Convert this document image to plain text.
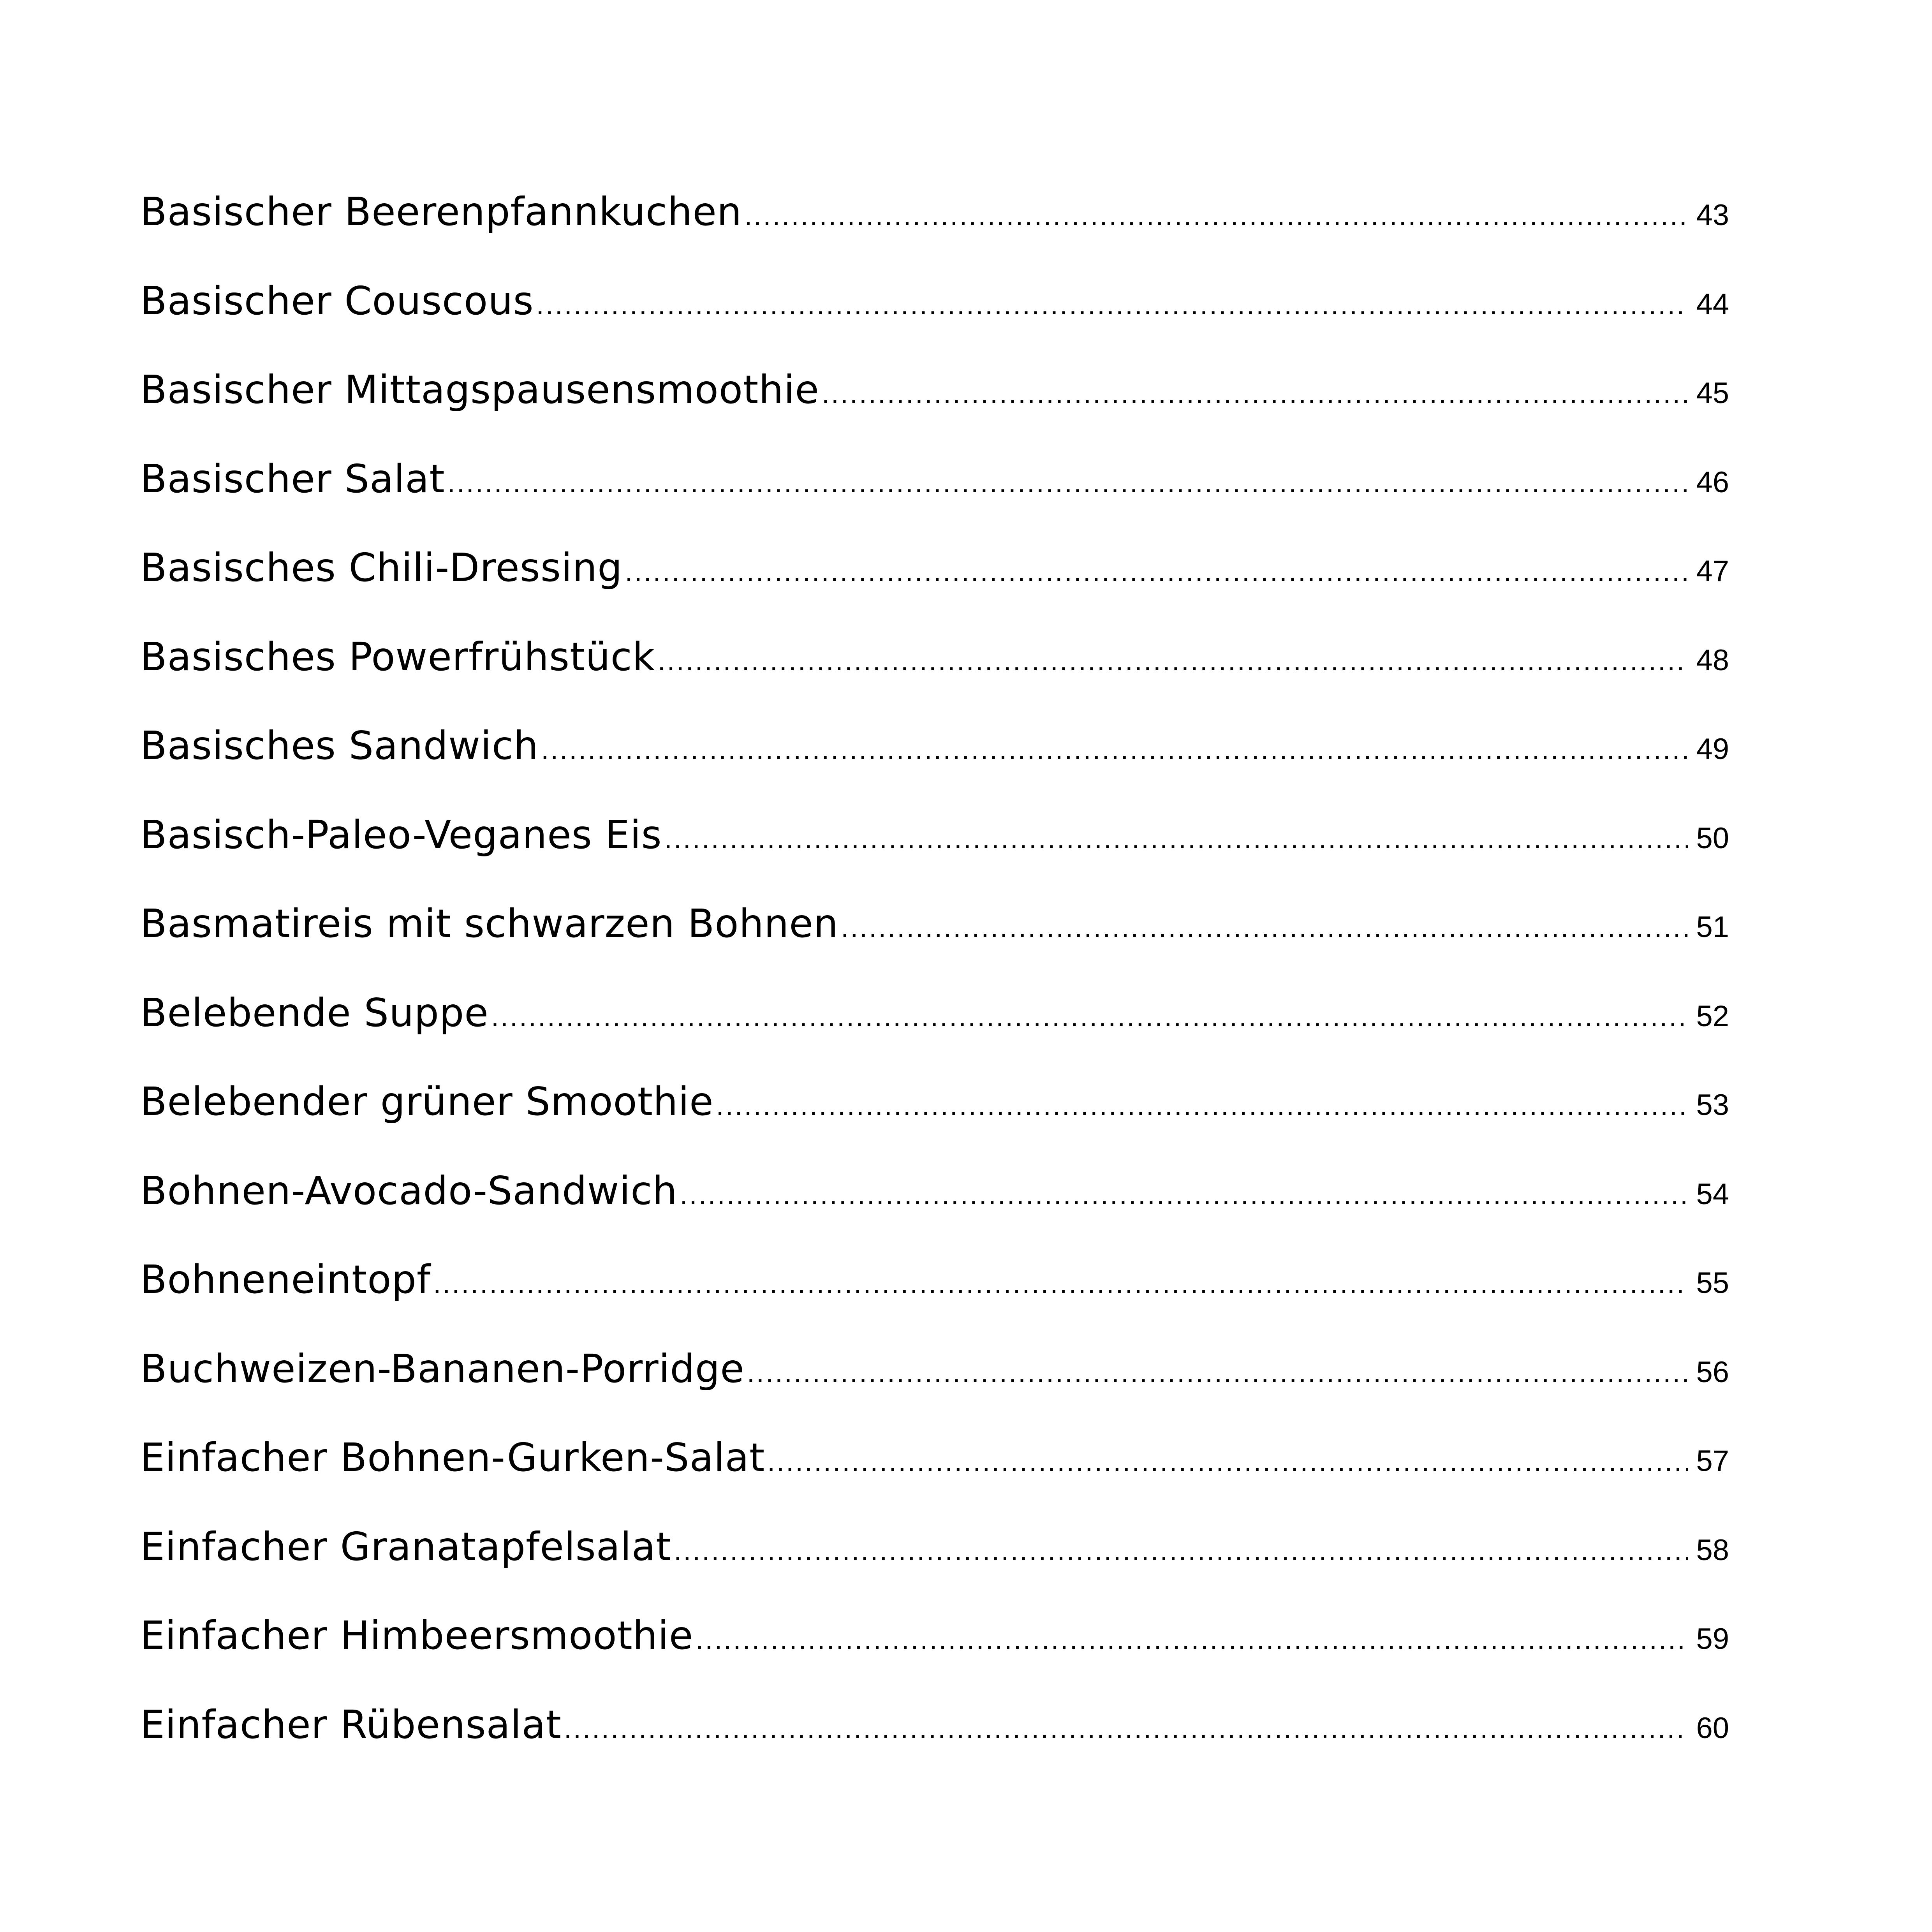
Basischer Beerenpfannkuchen .....	43
Basischer Couscous .....	44
Basischer Mittagspausensmoothie .....	45
Basischer Salat .....	46
Basisches Chili-Dressing .....	47
Basisches Powerfrühstück .....	48
Basisches Sandwich .....	49
Basisch-Paleo-Veganes Eis .....	50
Basmatireis mit schwarzen Bohnen .....	51
Belebende Suppe .....	52
Belebender grüner Smoothie .....	53
Bohnen-Avocado-Sandwich .....	54
Bohneneintopf .....	55
Buchweizen-Bananen-Porridge .....	56
Einfacher Bohnen-Gurken-Salat .....	57
Einfacher Granatapfelsalat .....	58
Einfacher Himbeersmoothie .....	59
Einfacher Rübensalat .....	60
